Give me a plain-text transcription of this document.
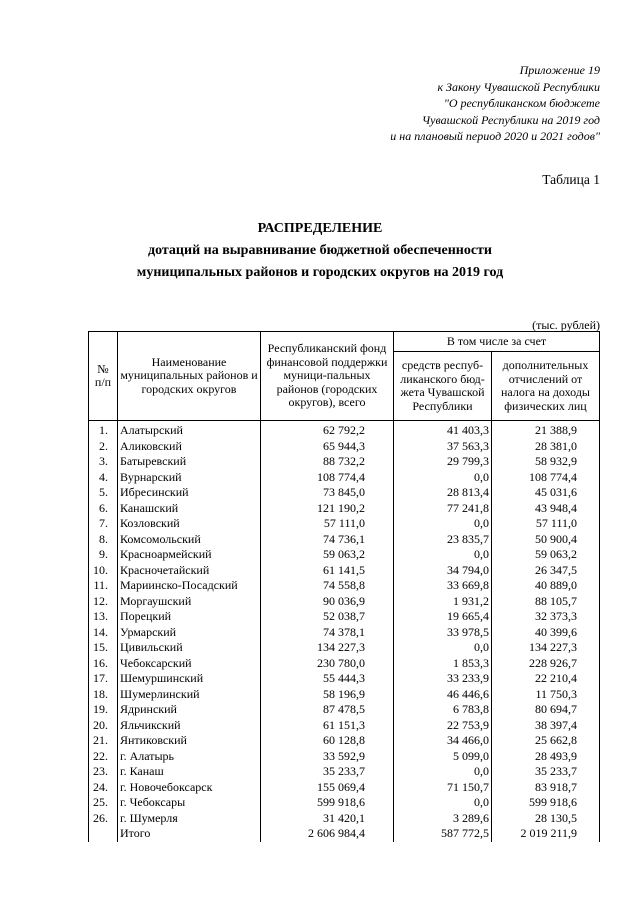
Приложение 19
к Закону Чувашской Республики
"О республиканском бюджете
Чувашской Республики на 2019 год
и на плановый период 2020 и 2021 годов"
Таблица 1
РАСПРЕДЕЛЕНИЕ
дотаций на выравнивание бюджетной обеспеченности
муниципальных районов и городских округов на 2019 год
(тыс. рублей)
№ п/п	Наименование муниципальных районов и городских округов	Республиканский фонд финансовой поддержки муници-пальных районов (городских округов), всего	В том числе за счет	
			средств респуб-ликанского бюд-жета Чувашской Республики	дополнительных отчислений от налога на доходы физических лиц
1.	Алатырский	62 792,2	41 403,3	21 388,9
2.	Аликовский	65 944,3	37 563,3	28 381,0
3.	Батыревский	88 732,2	29 799,3	58 932,9
4.	Вурнарский	108 774,4	0,0	108 774,4
5.	Ибресинский	73 845,0	28 813,4	45 031,6
6.	Канашский	121 190,2	77 241,8	43 948,4
7.	Козловский	57 111,0	0,0	57 111,0
8.	Комсомольский	74 736,1	23 835,7	50 900,4
9.	Красноармейский	59 063,2	0,0	59 063,2
10.	Красночетайский	61 141,5	34 794,0	26 347,5
11.	Мариинско-Посадский	74 558,8	33 669,8	40 889,0
12.	Моргаушский	90 036,9	1 931,2	88 105,7
13.	Порецкий	52 038,7	19 665,4	32 373,3
14.	Урмарский	74 378,1	33 978,5	40 399,6
15.	Цивильский	134 227,3	0,0	134 227,3
16.	Чебоксарский	230 780,0	1 853,3	228 926,7
17.	Шемуршинский	55 444,3	33 233,9	22 210,4
18.	Шумерлинский	58 196,9	46 446,6	11 750,3
19.	Ядринский	87 478,5	6 783,8	80 694,7
20.	Яльчикский	61 151,3	22 753,9	38 397,4
21.	Янтиковский	60 128,8	34 466,0	25 662,8
22.	г. Алатырь	33 592,9	5 099,0	28 493,9
23.	г. Канаш	35 233,7	0,0	35 233,7
24.	г. Новочебоксарск	155 069,4	71 150,7	83 918,7
25.	г. Чебоксары	599 918,6	0,0	599 918,6
26.	г. Шумерля	31 420,1	3 289,6	28 130,5
	Итого	2 606 984,4	587 772,5	2 019 211,9
